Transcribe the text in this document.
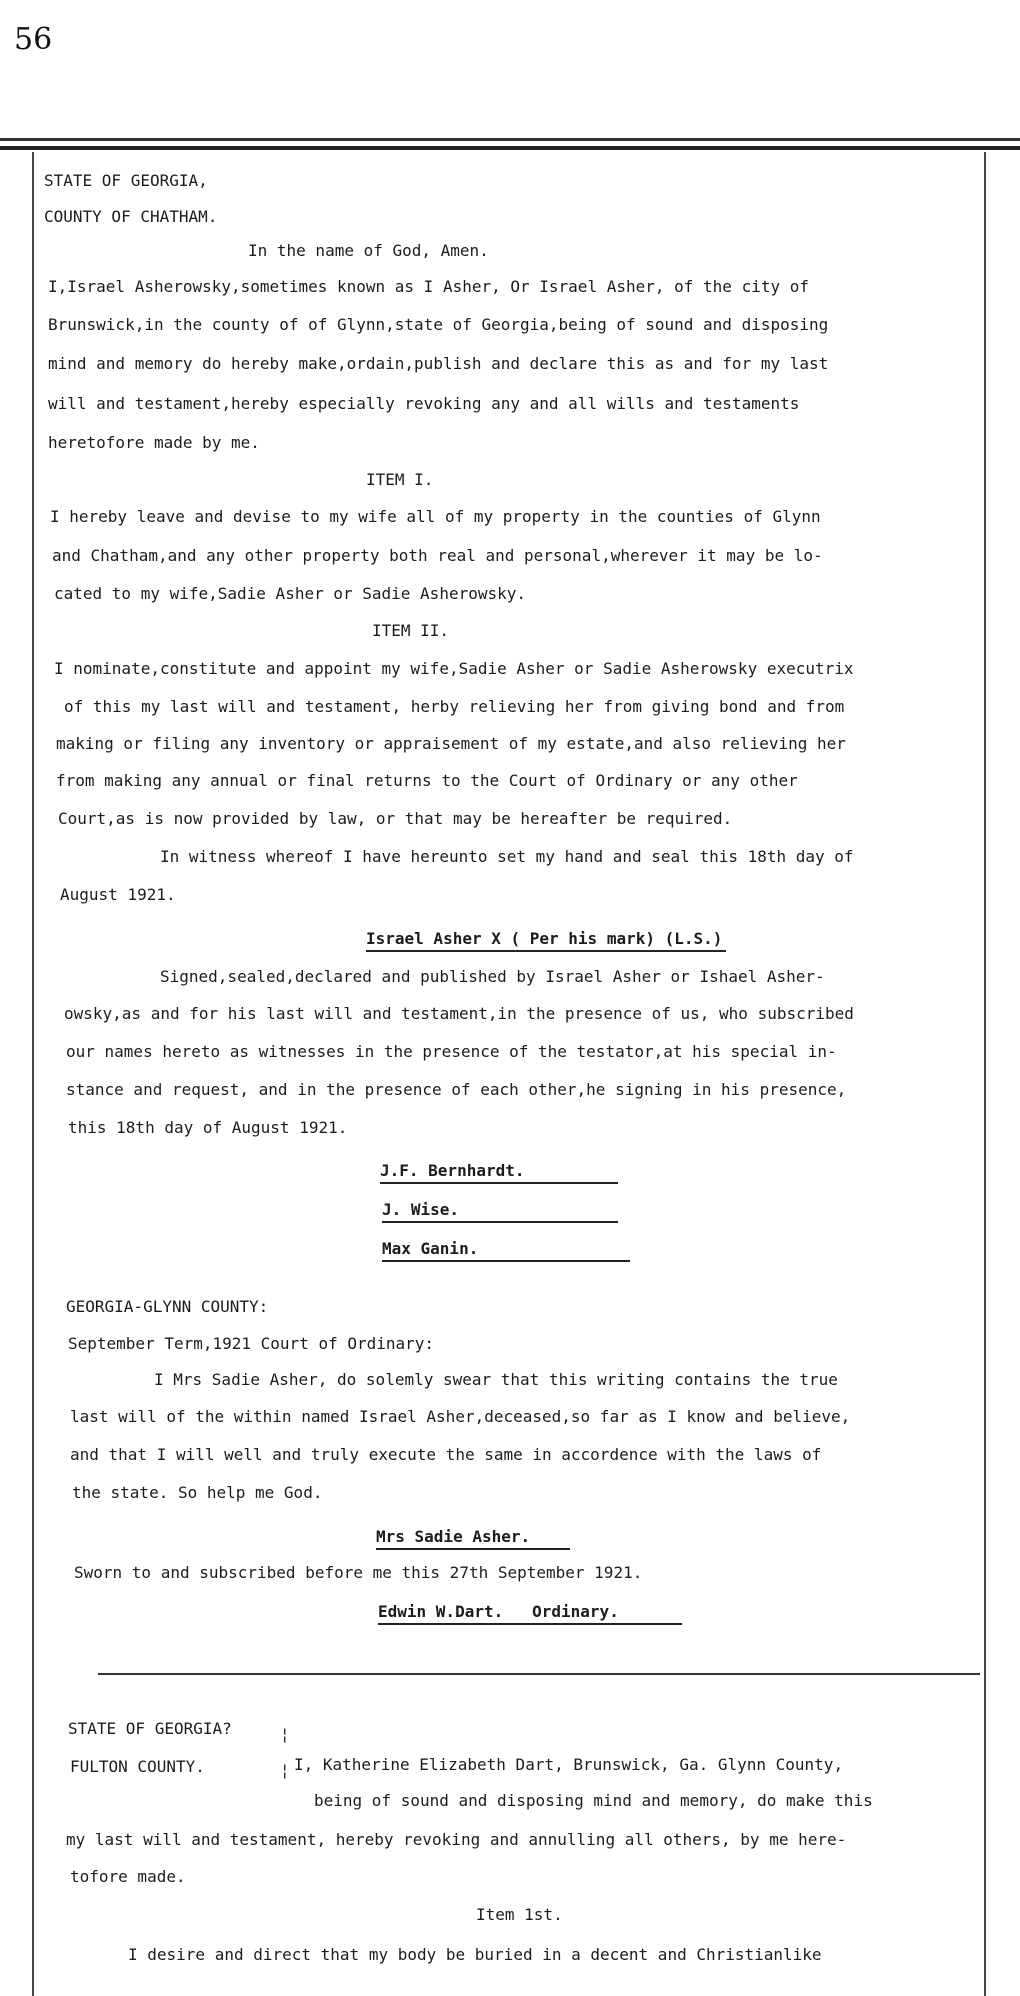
56
STATE OF GEORGIA,
COUNTY OF CHATHAM.
In the name of God, Amen.
I,Israel Asherowsky,sometimes known as I Asher, Or Israel Asher, of the city of
Brunswick,in the county of of Glynn,state of Georgia,being of sound and disposing
mind and memory do hereby make,ordain,publish and declare this as and for my last
will and testament,hereby especially revoking any and all wills and testaments
heretofore made by me.
ITEM I.
I hereby leave and devise to my wife all of my property in the counties of Glynn
and Chatham,and any other property both real and personal,wherever it may be lo-
cated to my wife,Sadie Asher or Sadie Asherowsky.
ITEM II.
I nominate,constitute and appoint my wife,Sadie Asher or Sadie Asherowsky executrix
of this my last will and testament, herby relieving her from giving bond and from
making or filing any inventory or appraisement of my estate,and also relieving her
from making any annual or final returns to the Court of Ordinary or any other
Court,as is now provided by law, or that may be hereafter be required.
In witness whereof I have hereunto set my hand and seal this 18th day of
August 1921.
Israel Asher X ( Per his mark) (L.S.)
Signed,sealed,declared and published by Israel Asher or Ishael Asher-
owsky,as and for his last will and testament,in the presence of us, who subscribed
our names hereto as witnesses in the presence of the testator,at his special in-
stance and request, and in the presence of each other,he signing in his presence,
this 18th day of August 1921.
J.F. Bernhardt.
J. Wise.
Max Ganin.
GEORGIA-GLYNN COUNTY:
September Term,1921 Court of Ordinary:
I Mrs Sadie Asher, do solemly swear that this writing contains the true
last will of the within named Israel Asher,deceased,so far as I know and believe,
and that I will well and truly execute the same in accordence with the laws of
the state. So help me God.
Mrs Sadie Asher.
Sworn to and subscribed before me this 27th September 1921.
Edwin W.Dart.   Ordinary.
STATE OF GEORGIA?
FULTON COUNTY.
¦
¦ I, Katherine Elizabeth Dart, Brunswick, Ga. Glynn County,
being of sound and disposing mind and memory, do make this
my last will and testament, hereby revoking and annulling all others, by me here-
tofore made.
Item 1st.
I desire and direct that my body be buried in a decent and Christianlike
